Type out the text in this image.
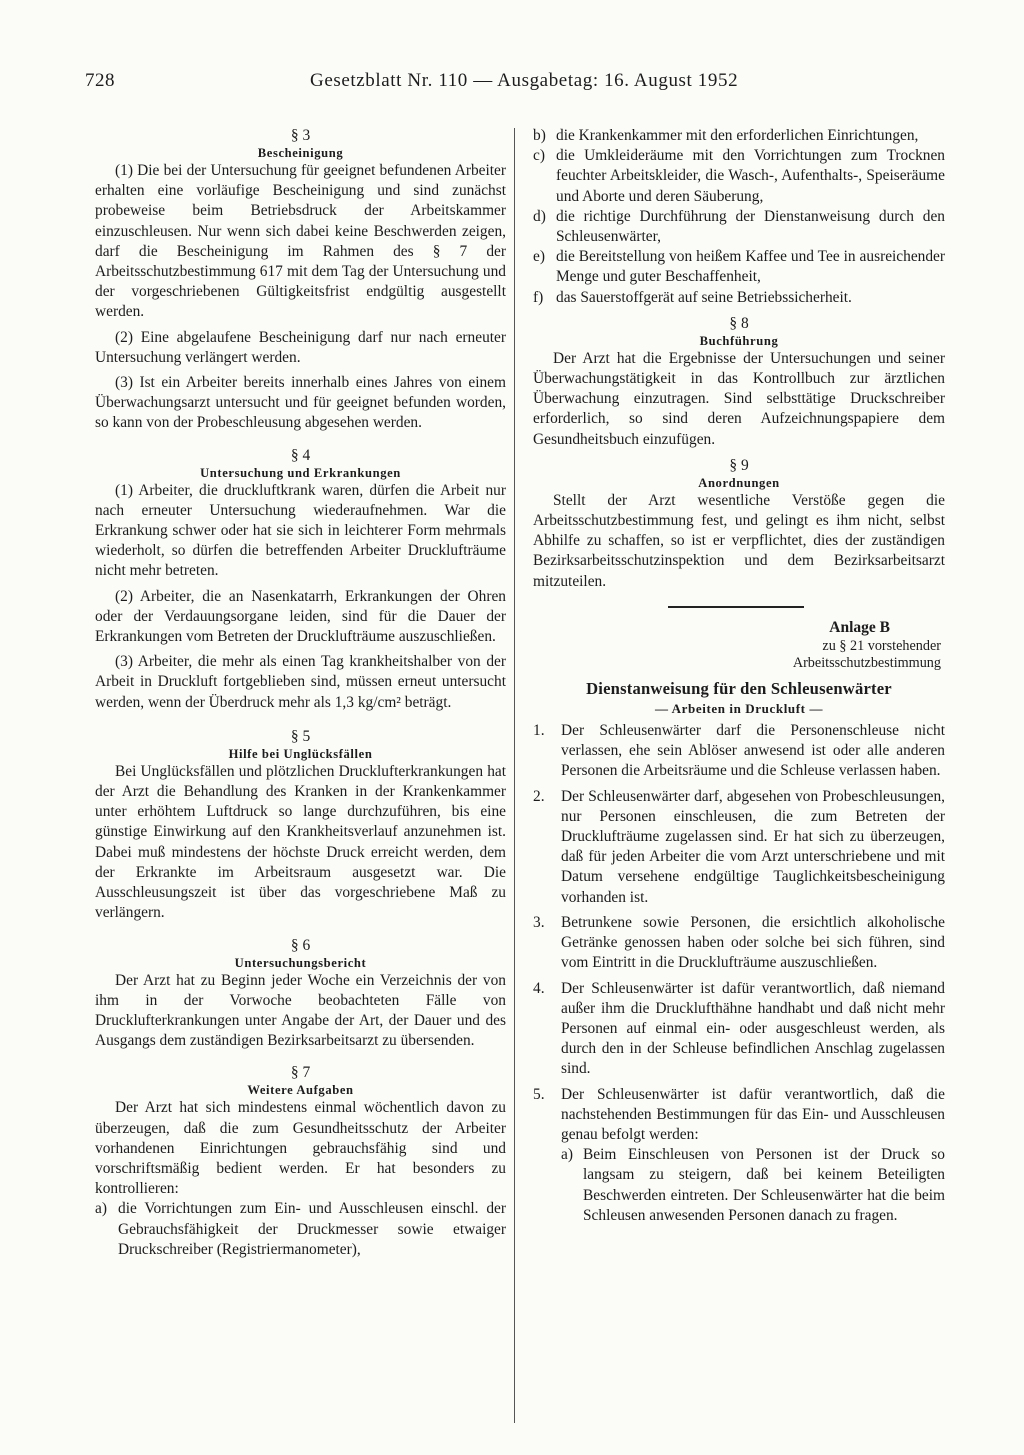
728	Gesetzblatt Nr. 110 — Ausgabetag: 16. August 1952
§ 3
Bescheinigung

(1) Die bei der Untersuchung für geeignet befundenen Arbeiter erhalten eine vorläufige Bescheinigung und sind zunächst probeweise beim Betriebsdruck der Arbeitskammer einzuschleusen. Nur wenn sich dabei keine Beschwerden zeigen, darf die Bescheinigung im Rahmen des § 7 der Arbeitsschutzbestimmung 617 mit dem Tag der Untersuchung und der vorgeschriebenen Gültigkeitsfrist endgültig ausgestellt werden.

(2) Eine abgelaufene Bescheinigung darf nur nach erneuter Untersuchung verlängert werden.

(3) Ist ein Arbeiter bereits innerhalb eines Jahres von einem Überwachungsarzt untersucht und für geeignet befunden worden, so kann von der Probeschleusung abgesehen werden.

§ 4
Untersuchung und Erkrankungen

(1) Arbeiter, die druckluftkrank waren, dürfen die Arbeit nur nach erneuter Untersuchung wiederaufnehmen. War die Erkrankung schwer oder hat sie sich in leichterer Form mehrmals wiederholt, so dürfen die betreffenden Arbeiter Drucklufträume nicht mehr betreten.

(2) Arbeiter, die an Nasenkatarrh, Erkrankungen der Ohren oder der Verdauungsorgane leiden, sind für die Dauer der Erkrankungen vom Betreten der Drucklufträume auszuschließen.

(3) Arbeiter, die mehr als einen Tag krankheitshalber von der Arbeit in Druckluft fortgeblieben sind, müssen erneut untersucht werden, wenn der Überdruck mehr als 1,3 kg/cm² beträgt.

§ 5
Hilfe bei Unglücksfällen

Bei Unglücksfällen und plötzlichen Drucklufterkrankungen hat der Arzt die Behandlung des Kranken in der Krankenkammer unter erhöhtem Luftdruck so lange durchzuführen, bis eine günstige Einwirkung auf den Krankheitsverlauf anzunehmen ist. Dabei muß mindestens der höchste Druck erreicht werden, dem der Erkrankte im Arbeitsraum ausgesetzt war. Die Ausschleusungszeit ist über das vorgeschriebene Maß zu verlängern.

§ 6
Untersuchungsbericht

Der Arzt hat zu Beginn jeder Woche ein Verzeichnis der von ihm in der Vorwoche beobachteten Fälle von Drucklufterkrankungen unter Angabe der Art, der Dauer und des Ausgangs dem zuständigen Bezirksarbeitsarzt zu übersenden.

§ 7
Weitere Aufgaben

Der Arzt hat sich mindestens einmal wöchentlich davon zu überzeugen, daß die zum Gesundheitsschutz der Arbeiter vorhandenen Einrichtungen gebrauchsfähig sind und vorschriftsmäßig bedient werden. Er hat besonders zu kontrollieren:

a) die Vorrichtungen zum Ein- und Ausschleusen einschl. der Gebrauchsfähigkeit der Druckmesser sowie etwaiger Druckschreiber (Registriermanometer),
b) die Krankenkammer mit den erforderlichen Einrichtungen,
c) die Umkleideräume mit den Vorrichtungen zum Trocknen feuchter Arbeitskleider, die Wasch-, Aufenthalts-, Speiseräume und Aborte und deren Säuberung,
d) die richtige Durchführung der Dienstanweisung durch den Schleusenwärter,
e) die Bereitstellung von heißem Kaffee und Tee in ausreichender Menge und guter Beschaffenheit,
f) das Sauerstoffgerät auf seine Betriebssicherheit.
§ 8
Buchführung

Der Arzt hat die Ergebnisse der Untersuchungen und seiner Überwachungstätigkeit in das Kontrollbuch zur ärztlichen Überwachung einzutragen. Sind selbsttätige Druckschreiber erforderlich, so sind deren Aufzeichnungspapiere dem Gesundheitsbuch einzufügen.

§ 9
Anordnungen

Stellt der Arzt wesentliche Verstöße gegen die Arbeitsschutzbestimmung fest, und gelingt es ihm nicht, selbst Abhilfe zu schaffen, so ist er verpflichtet, dies der zuständigen Bezirksarbeitsschutzinspektion und dem Bezirksarbeitsarzt mitzuteilen.

Anlage B
zu § 21 vorstehender
Arbeitsschutzbestimmung
Dienstanweisung für den Schleusenwärter
— Arbeiten in Druckluft —
1.	Der Schleusenwärter darf die Personenschleuse nicht verlassen, ehe sein Ablöser anwesend ist oder alle anderen Personen die Arbeitsräume und die Schleuse verlassen haben.
2.	Der Schleusenwärter darf, abgesehen von Probeschleusungen, nur Personen einschleusen, die zum Betreten der Drucklufträume zugelassen sind. Er hat sich zu überzeugen, daß für jeden Arbeiter die vom Arzt unterschriebene und mit Datum versehene endgültige Tauglichkeitsbescheinigung vorhanden ist.
3.	Betrunkene sowie Personen, die ersichtlich alkoholische Getränke genossen haben oder solche bei sich führen, sind vom Eintritt in die Drucklufträume auszuschließen.
4.	Der Schleusenwärter ist dafür verantwortlich, daß niemand außer ihm die Drucklufthähne handhabt und daß nicht mehr Personen auf einmal ein- oder ausgeschleust werden, als durch den in der Schleuse befindlichen Anschlag zugelassen sind.
5.	Der Schleusenwärter ist dafür verantwortlich, daß die nachstehenden Bestimmungen für das Ein- und Ausschleusen genau befolgt werden:
a) Beim Einschleusen von Personen ist der Druck so langsam zu steigern, daß bei keinem Beteiligten Beschwerden eintreten. Der Schleusenwärter hat die beim Schleusen anwesenden Personen danach zu fragen.
